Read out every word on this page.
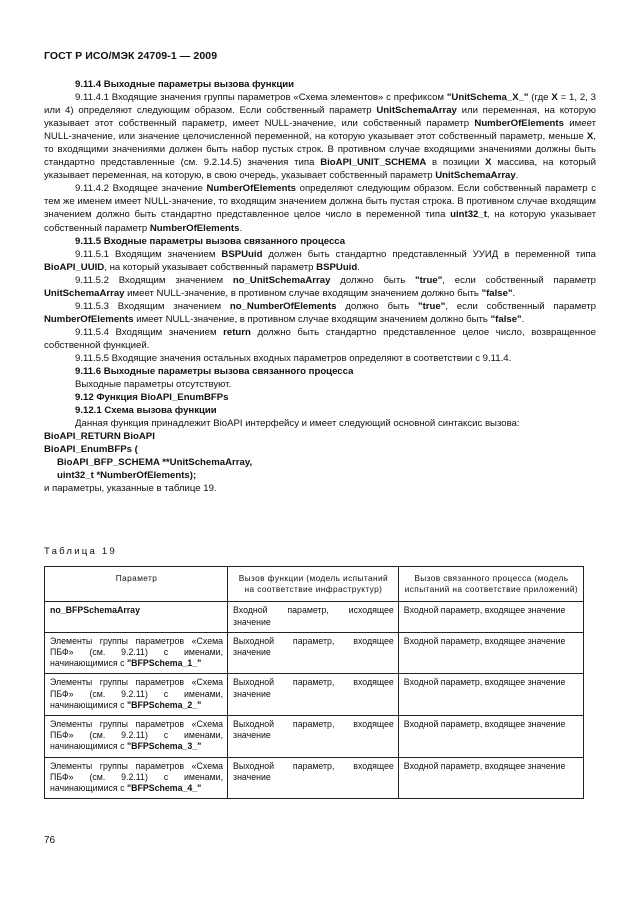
ГОСТ Р ИСО/МЭК 24709-1 — 2009

9.11.4 Выходные параметры вызова функции

9.11.4.1 Входящие значения группы параметров «Схема элементов» с префиксом "UnitSchema_X_" (где X = 1, 2, 3 или 4) определяют следующим образом. Если собственный параметр UnitSchemaArray или переменная, на которую указывает этот собственный параметр, имеет NULL-значение, или собственный параметр NumberOfElements имеет NULL-значение, или значение целочисленной переменной, на которую указывает этот собственный параметр, меньше X, то входящими значениями должен быть набор пустых строк. В противном случае входящими значениями должны быть стандартно представленные (см. 9.2.14.5) значения типа BioAPI_UNIT_SCHEMA в позиции X массива, на который указывает переменная, на которую, в свою очередь, указывает собственный параметр UnitSchemaArray.

9.11.4.2 Входящее значение NumberOfElements определяют следующим образом. Если собственный параметр с тем же именем имеет NULL-значение, то входящим значением должна быть пустая строка. В противном случае входящим значением должно быть стандартно представленное целое число в переменной типа uint32_t, на которую указывает собственный параметр NumberOfElements.

9.11.5 Входные параметры вызова связанного процесса

9.11.5.1 Входящим значением BSPUuid должен быть стандартно представленный УУИД в переменной типа BioAPI_UUID, на который указывает собственный параметр BSPUuid.

9.11.5.2 Входящим значением no_UnitSchemaArray должно быть "true", если собственный параметр UnitSchemaArray имеет NULL-значение, в противном случае входящим значением должно быть "false".

9.11.5.3 Входящим значением no_NumberOfElements должно быть "true", если собственный параметр NumberOfElements имеет NULL-значение, в противном случае входящим значением должно быть "false".

9.11.5.4 Входящим значением return должно быть стандартно представленное целое число, возвращенное собственной функцией.

9.11.5.5 Входящие значения остальных входных параметров определяют в соответствии с 9.11.4.

9.11.6 Выходные параметры вызова связанного процесса

Выходные параметры отсутствуют.

9.12 Функция BioAPI_EnumBFPs

9.12.1 Схема вызова функции

Данная функция принадлежит BioAPI интерфейсу и имеет следующий основной синтаксис вызова:

BioAPI_RETURN BioAPI

BioAPI_EnumBFPs (

BioAPI_BFP_SCHEMA **UnitSchemaArray,

uint32_t *NumberOfElements);

и параметры, указанные в таблице 19.

Таблица 19
Параметр	Вызов функции (модель испытаний на соответствие инфраструктур)	Вызов связанного процесса (модель испытаний на соответствие приложений)
no_BFPSchemaArray	Входной параметр, исходящее значение	Входной параметр, входящее значение
Элементы группы параметров «Схема ПБФ» (см. 9.2.11) с именами, начинающимися с "BFPSchema_1_"	Выходной параметр, входящее значение	Входной параметр, входящее значение
Элементы группы параметров «Схема ПБФ» (см. 9.2.11) с именами, начинающимися с "BFPSchema_2_"	Выходной параметр, входящее значение	Входной параметр, входящее значение
Элементы группы параметров «Схема ПБФ» (см. 9.2.11) с именами, начинающимися с "BFPSchema_3_"	Выходной параметр, входящее значение	Входной параметр, входящее значение
Элементы группы параметров «Схема ПБФ» (см. 9.2.11) с именами, начинающимися с "BFPSchema_4_"	Выходной параметр, входящее значение	Входной параметр, входящее значение
76
